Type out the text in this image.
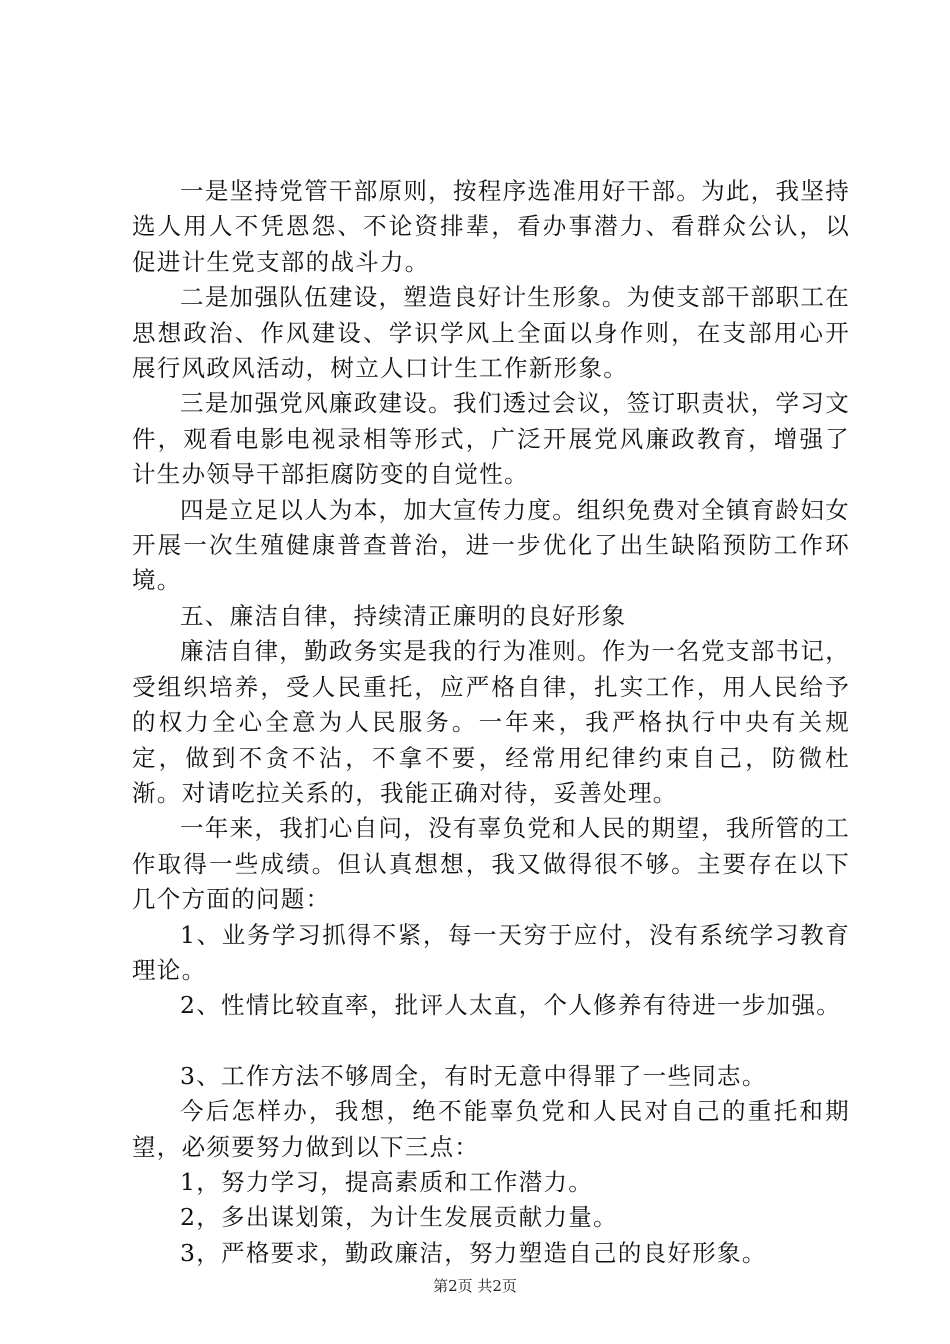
一是坚持党管干部原则，按程序选准用好干部。为此，我坚持选人用人不凭恩怨、不论资排辈，看办事潜力、看群众公认，以促进计生党支部的战斗力。

二是加强队伍建设，塑造良好计生形象。为使支部干部职工在思想政治、作风建设、学识学风上全面以身作则，在支部用心开展行风政风活动，树立人口计生工作新形象。

三是加强党风廉政建设。我们透过会议，签订职责状，学习文件，观看电影电视录相等形式，广泛开展党风廉政教育，增强了计生办领导干部拒腐防变的自觉性。

四是立足以人为本，加大宣传力度。组织免费对全镇育龄妇女开展一次生殖健康普查普治，进一步优化了出生缺陷预防工作环境。

五、廉洁自律，持续清正廉明的良好形象

廉洁自律，勤政务实是我的行为准则。作为一名党支部书记，受组织培养，受人民重托，应严格自律，扎实工作，用人民给予的权力全心全意为人民服务。一年来，我严格执行中央有关规定，做到不贪不沾，不拿不要，经常用纪律约束自己，防微杜渐。对请吃拉关系的，我能正确对待，妥善处理。

一年来，我扪心自问，没有辜负党和人民的期望，我所管的工作取得一些成绩。但认真想想，我又做得很不够。主要存在以下几个方面的问题：

1、业务学习抓得不紧，每一天穷于应付，没有系统学习教育理论。

2、性情比较直率，批评人太直，个人修养有待进一步加强。

3、工作方法不够周全，有时无意中得罪了一些同志。

今后怎样办，我想，绝不能辜负党和人民对自己的重托和期望，必须要努力做到以下三点：

1，努力学习，提高素质和工作潜力。

2，多出谋划策，为计生发展贡献力量。

3，严格要求，勤政廉洁，努力塑造自己的良好形象。

第2页 共2页
